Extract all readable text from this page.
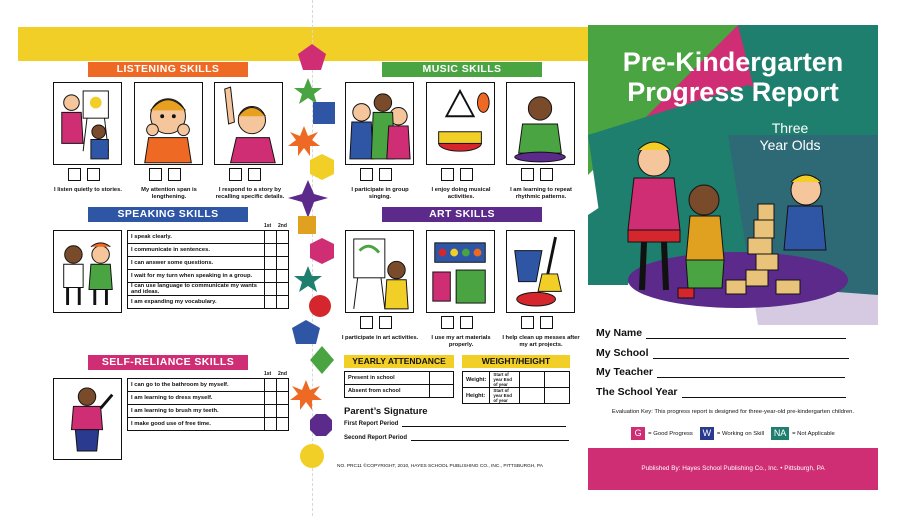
LISTENING SKILLS
I listen quietly to stories.	My attention span is lengthening.
I respond to a story by recalling specific details.
SPEAKING SKILLS
1st 2nd
I speak clearly.		
I communicate in sentences.		
I can answer some questions.		
I wait for my turn when speaking in a group.		
I can use language to communicate my wants and ideas.		
I am expanding my vocabulary.		
SELF-RELIANCE SKILLS
1st 2nd
I can go to the bathroom by myself.		
I am learning to dress myself.		
I am learning to brush my teeth.		
I make good use of free time.		
MUSIC SKILLS
I participate in group singing.
I enjoy doing musical activities.
I am learning to repeat rhythmic patterns.
ART SKILLS
I participate in art activities.	I use my art materials properly.
I help clean up messes after my art projects.
YEARLY ATTENDANCE
Present in school	
Absent from school	
WEIGHT/HEIGHT
Weight:	Start of year End of year		
Height:	Start of year End of year		
Parent’s Signature
First Report Period
Second Report Period
NO. PRC11 ©COPYRIGHT, 2010, HAYES SCHOOL PUBLISHING CO., INC., PITTSBURGH, PA
Pre-Kindergarten
Progress Report
Three
Year Olds
My Name
My School
My Teacher
The School Year
Evaluation Key: This progress report is designed for three-year-old pre-kindergarten children.
G	= Good Progress	W = Working on Skill	NA = Not Applicable
Published By: Hayes School Publishing Co., Inc. • Pittsburgh, PA
